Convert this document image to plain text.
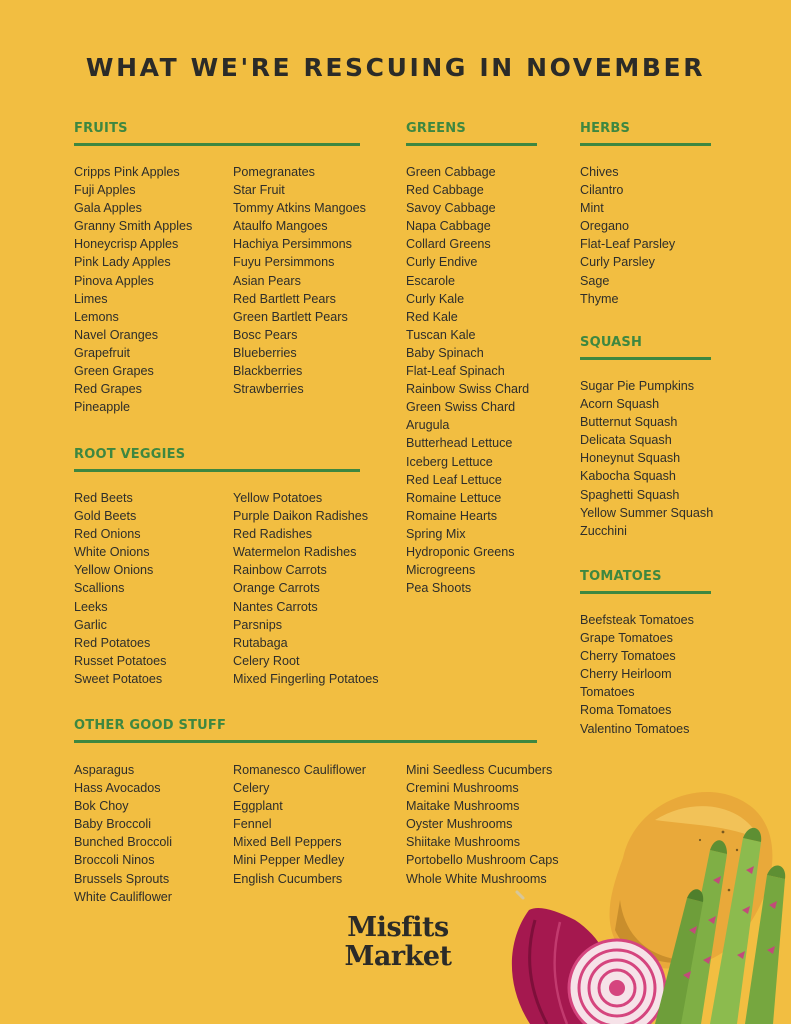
WHAT WE'RE RESCUING IN NOVEMBER
FRUITS
Cripps Pink Apples
Fuji Apples
Gala Apples
Granny Smith Apples
Honeycrisp Apples
Pink Lady Apples
Pinova Apples
Limes
Lemons
Navel Oranges
Grapefruit
Green Grapes
Red Grapes
Pineapple
Pomegranates
Star Fruit
Tommy Atkins Mangoes
Ataulfo Mangoes
Hachiya Persimmons
Fuyu Persimmons
Asian Pears
Red Bartlett Pears
Green Bartlett Pears
Bosc Pears
Blueberries
Blackberries
Strawberries
GREENS
Green Cabbage
Red Cabbage
Savoy Cabbage
Napa Cabbage
Collard Greens
Curly Endive
Escarole
Curly Kale
Red Kale
Tuscan Kale
Baby Spinach
Flat-Leaf Spinach
Rainbow Swiss Chard
Green Swiss Chard
Arugula
Butterhead Lettuce
Iceberg Lettuce
Red Leaf Lettuce
Romaine Lettuce
Romaine Hearts
Spring Mix
Hydroponic Greens
Microgreens
Pea Shoots
HERBS
Chives
Cilantro
Mint
Oregano
Flat-Leaf Parsley
Curly Parsley
Sage
Thyme
SQUASH
Sugar Pie Pumpkins
Acorn Squash
Butternut Squash
Delicata Squash
Honeynut Squash
Kabocha Squash
Spaghetti Squash
Yellow Summer Squash
Zucchini
TOMATOES
Beefsteak Tomatoes
Grape Tomatoes
Cherry Tomatoes
Cherry Heirloom
Tomatoes
Roma Tomatoes
Valentino Tomatoes
ROOT VEGGIES
Red Beets
Gold Beets
Red Onions
White Onions
Yellow Onions
Scallions
Leeks
Garlic
Red Potatoes
Russet Potatoes
Sweet Potatoes
Yellow Potatoes
Purple Daikon Radishes
Red Radishes
Watermelon Radishes
Rainbow Carrots
Orange Carrots
Nantes Carrots
Parsnips
Rutabaga
Celery Root
Mixed Fingerling Potatoes
OTHER GOOD STUFF
Asparagus
Hass Avocados
Bok Choy
Baby Broccoli
Bunched Broccoli
Broccoli Ninos
Brussels Sprouts
White Cauliflower
Romanesco Cauliflower
Celery
Eggplant
Fennel
Mixed Bell Peppers
Mini Pepper Medley
English Cucumbers
Mini Seedless Cucumbers
Cremini Mushrooms
Maitake Mushrooms
Oyster Mushrooms
Shiitake Mushrooms
Portobello Mushroom Caps
Whole White Mushrooms
Misfits
Market
